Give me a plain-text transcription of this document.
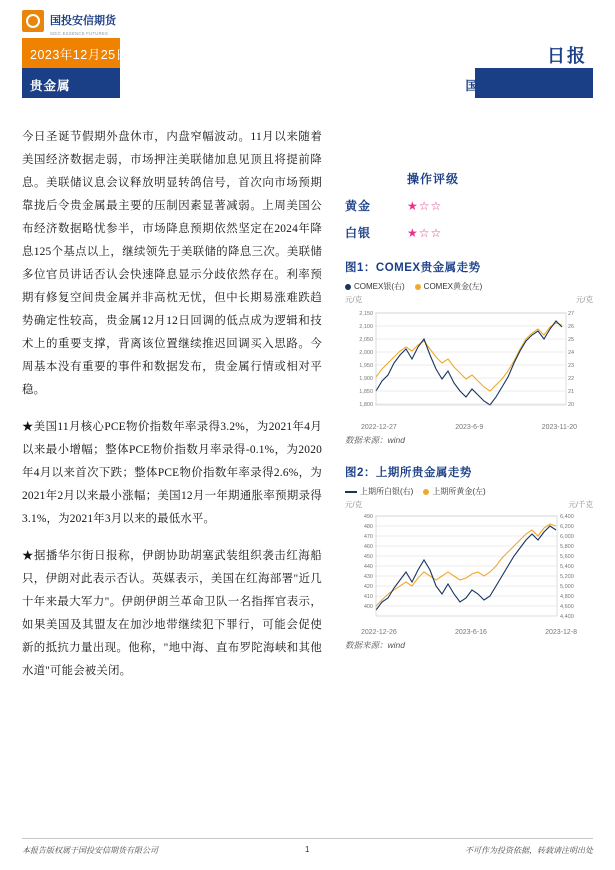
国投安信期货
SDIC ESSENCE FUTURES
2023年12月25日	日报
贵金属	国投安信期货研究院

今日圣诞节假期外盘休市，内盘窄幅波动。11月以来随着美国经济数据走弱，市场押注美联储加息见顶且将提前降息。美联储议息会议释放明显转鸽信号，首次向市场预期靠拢后令贵金属最主要的压制因素显著减弱。上周美国公布经济数据略忧参半，市场降息预期依然坚定在2024年降息125个基点以上，继续领先于美联储的降息三次。美联储多位官员讲话否认会快速降息显示分歧依然存在。利率预期有修复空间贵金属并非高枕无忧，但中长期易涨难跌趋势确定性较高，贵金属12月12日回调的低点成为逻辑和技术上的重要支撑，背离该位置继续推迟回调买入思路。今周基本没有重要的事件和数据发布，贵金属行情或相对平稳。

★美国11月核心PCE物价指数年率录得3.2%，为2021年4月以来最小增幅；整体PCE物价指数月率录得-0.1%，为2020年4月以来首次下跌；整体PCE物价指数年率录得2.6%，为2021年2月以来最小涨幅；美国12月一年期通胀率预期录得3.1%，为2021年3月以来的最低水平。

★据播华尔街日报称，伊朗协助胡塞武装组织袭击红海船只，伊朗对此表示否认。英媒表示，美国在红海部署"近几十年来最大军力"。伊朗伊朗兰革命卫队一名指挥官表示，如果美国及其盟友在加沙地带继续犯下罪行，可能会促使新的抵抗力量出现。他称，"地中海、直布罗陀海峡和其他水道"可能会被关闭。

操作评级
黄金	★☆☆
白银	★☆☆
图1：COMEX贵金属走势
COMEX银(右) COMEX黄金(左)
元/克	元/克
2,150
2,100
2,050
2,000
1,950
1,900
1,850
1,800
27
26
25
24
23
22
21
20
2022-12-27	2023-6-9	2023-11-20
数据来源：wind
图2：上期所贵金属走势
上期所白银(右) 上期所黄金(左)
元/克	元/千克
490
480
470
460
450
440
430
420
410
400
6,400
6,200
6,000
5,800
5,600
5,400
5,200
5,000
4,800
4,600
4,400
2022-12-26	2023-6-16	2023-12-8
数据来源：wind
本报告版权属于国投安信期货有限公司	1	不可作为投资依据，转载请注明出处
